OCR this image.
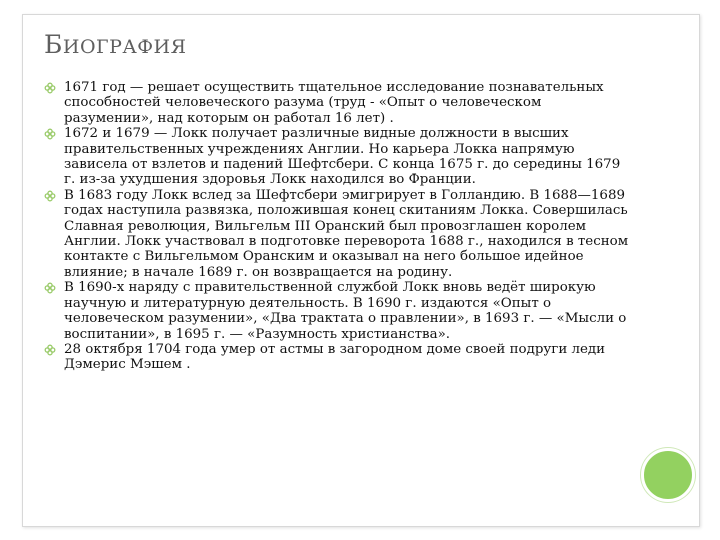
БИОГРАФИЯ
1671 год — решает осуществить тщательное исследование познавательных способностей человеческого разума (труд - «Опыт о человеческом разумении», над которым он работал 16 лет) .
1672 и 1679 — Локк получает различные видные должности в высших правительственных учреждениях Англии. Но карьера Локка напрямую зависела от взлетов и падений Шефтсбери. С конца 1675 г. до середины 1679 г. из-за ухудшения здоровья Локк находился во Франции.
В 1683 году Локк вслед за Шефтсбери эмигрирует в Голландию. В 1688—1689 годах наступила развязка, положившая конец скитаниям Локка. Совершилась Славная революция, Вильгельм III Оранский был провозглашен королем Англии. Локк участвовал в подготовке переворота 1688 г., находился в тесном контакте с Вильгельмом Оранским и оказывал на него большое идейное влияние; в начале 1689 г. он возвращается на родину.
В 1690-х наряду с правительственной службой Локк вновь ведёт широкую научную и литературную деятельность. В 1690 г. издаются «Опыт о человеческом разумении», «Два трактата о правлении», в 1693 г. — «Мысли о воспитании», в 1695 г. — «Разумность христианства».
28 октября 1704 года умер от астмы в загородном доме своей подруги леди Дэмерис Мэшем .
